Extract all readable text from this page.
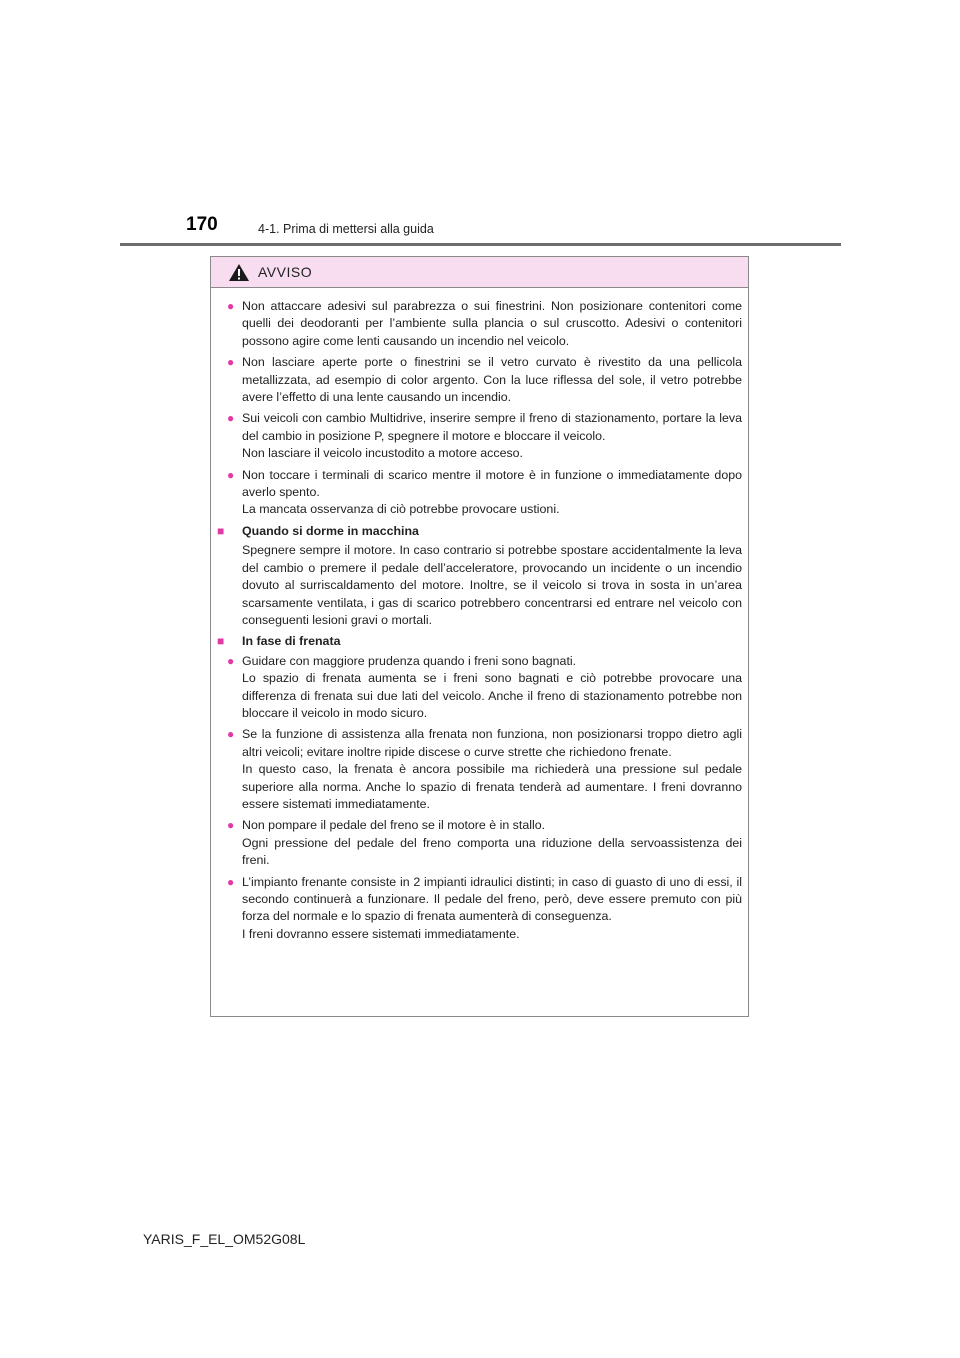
170	4-1. Prima di mettersi alla guida
AVVISO
● Non attaccare adesivi sul parabrezza o sui finestrini. Non posizionare contenitori come quelli dei deodoranti per l’ambiente sulla plancia o sul cruscotto. Adesivi o contenitori possono agire come lenti causando un incendio nel veicolo.

● Non lasciare aperte porte o finestrini se il vetro curvato è rivestito da una pellicola metallizzata, ad esempio di color argento. Con la luce riflessa del sole, il vetro potrebbe avere l’effetto di una lente causando un incendio.

● Sui veicoli con cambio Multidrive, inserire sempre il freno di stazionamento, portare la leva del cambio in posizione P, spegnere il motore e bloccare il veicolo.

Non lasciare il veicolo incustodito a motore acceso.

● Non toccare i terminali di scarico mentre il motore è in funzione o immediatamente dopo averlo spento.

La mancata osservanza di ciò potrebbe provocare ustioni.

■ Quando si dorme in macchina

Spegnere sempre il motore. In caso contrario si potrebbe spostare accidentalmente la leva del cambio o premere il pedale dell’acceleratore, provocando un incidente o un incendio dovuto al surriscaldamento del motore. Inoltre, se il veicolo si trova in sosta in un’area scarsamente ventilata, i gas di scarico potrebbero concentrarsi ed entrare nel veicolo con conseguenti lesioni gravi o mortali.

■ In fase di frenata
● Guidare con maggiore prudenza quando i freni sono bagnati.

Lo spazio di frenata aumenta se i freni sono bagnati e ciò potrebbe provocare una differenza di frenata sui due lati del veicolo. Anche il freno di stazionamento potrebbe non bloccare il veicolo in modo sicuro.

● Se la funzione di assistenza alla frenata non funziona, non posizionarsi troppo dietro agli altri veicoli; evitare inoltre ripide discese o curve strette che richiedono frenate.

In questo caso, la frenata è ancora possibile ma richiederà una pressione sul pedale superiore alla norma. Anche lo spazio di frenata tenderà ad aumentare. I freni dovranno essere sistemati immediatamente.

● Non pompare il pedale del freno se il motore è in stallo.

Ogni pressione del pedale del freno comporta una riduzione della servoassistenza dei freni.

● L’impianto frenante consiste in 2 impianti idraulici distinti; in caso di guasto di uno di essi, il secondo continuerà a funzionare. Il pedale del freno, però, deve essere premuto con più forza del normale e lo spazio di frenata aumenterà di conseguenza.

I freni dovranno essere sistemati immediatamente.

YARIS_F_EL_OM52G08L
